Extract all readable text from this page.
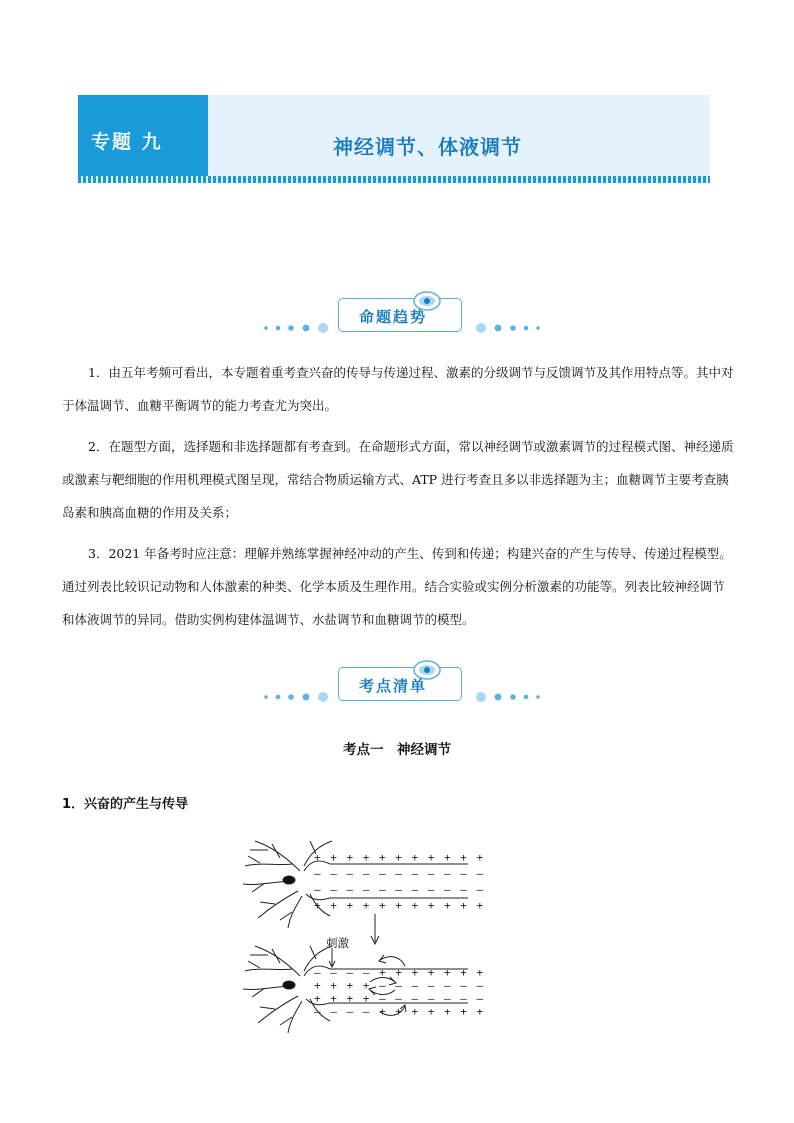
专题 九	神经调节、体液调节
命题趋势

1．由五年考频可看出，本专题着重考查兴奋的传导与传递过程、激素的分级调节与反馈调节及其作用特点等。其中对于体温调节、血糖平衡调节的能力考查尤为突出。

2．在题型方面，选择题和非选择题都有考查到。在命题形式方面，常以神经调节或激素调节的过程模式图、神经递质或激素与靶细胞的作用机理模式图呈现，常结合物质运输方式、ATP 进行考查且多以非选择题为主；血糖调节主要考查胰岛素和胰高血糖的作用及关系；

3．2021 年备考时应注意：理解并熟练掌握神经冲动的产生、传到和传递；构建兴奋的产生与传导、传递过程模型。通过列表比较识记动物和人体激素的种类、化学本质及生理作用。结合实验或实例分析激素的功能等。列表比较神经调节和体液调节的异同。借助实例构建体温调节、水盐调节和血糖调节的模型。

考点清单
考点一　神经调节
1．兴奋的产生与传导
+ + + + + + + + + + +
– – – – – – – – – – –
– – – – – – – – – – –
+ + + + + + + + + + +
刺激
– – – – + + + + + + +
+ + + + – – – – – – –
+ + + + – – – – – – –
– – – – + + + + + + +
